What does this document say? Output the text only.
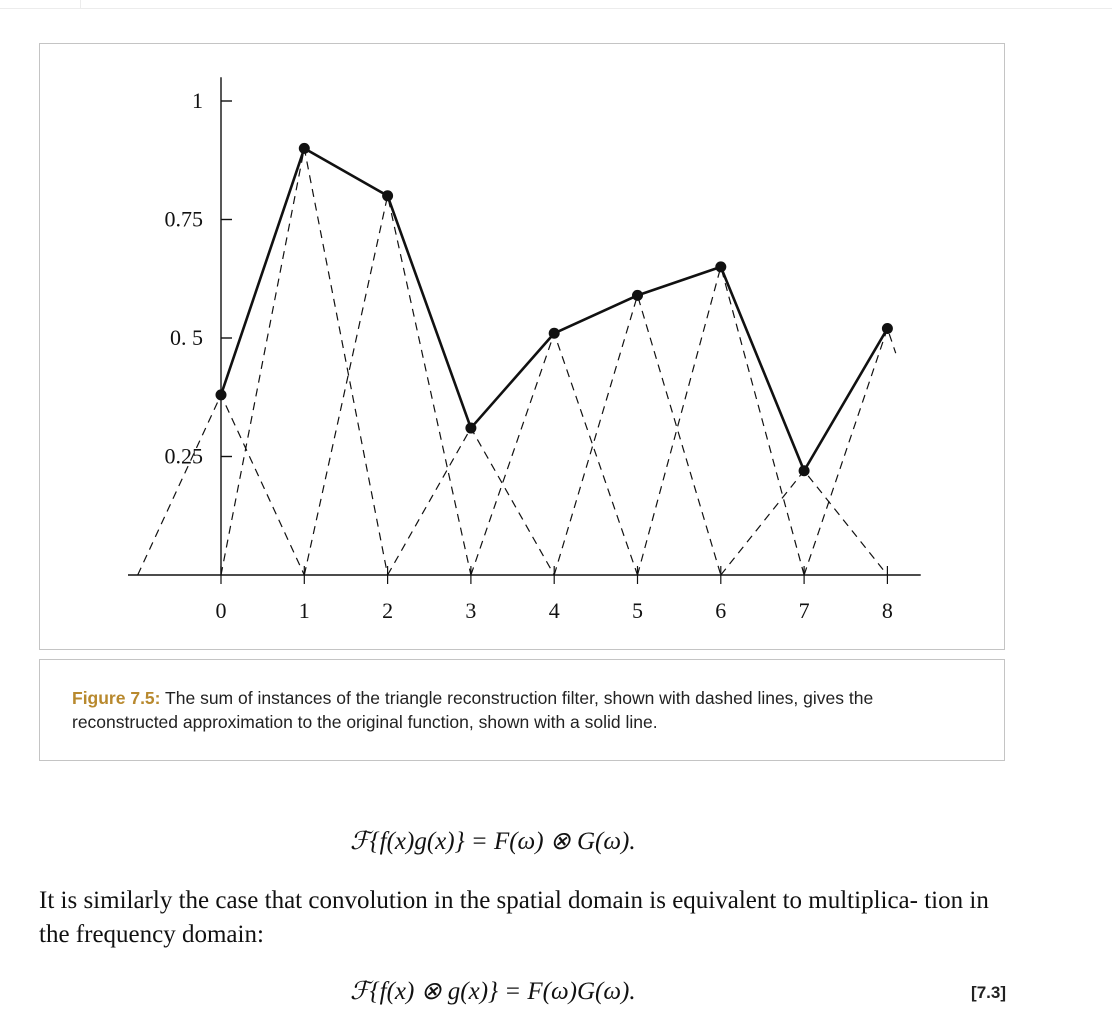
0.25
0. 5
0.75
1
0	1	2	3	4	5	6	7	8
Figure 7.5: The sum of instances of the triangle reconstruction filter, shown with dashed lines, gives the reconstructed approximation to the original function, shown with a solid line.
ℱ{f(x)g(x)} = F(ω) ⊗ G(ω).
It is similarly the case that convolution in the spatial domain is equivalent to multiplica- tion in the frequency domain:
ℱ{f(x) ⊗ g(x)} = F(ω)G(ω).	[7.3]
